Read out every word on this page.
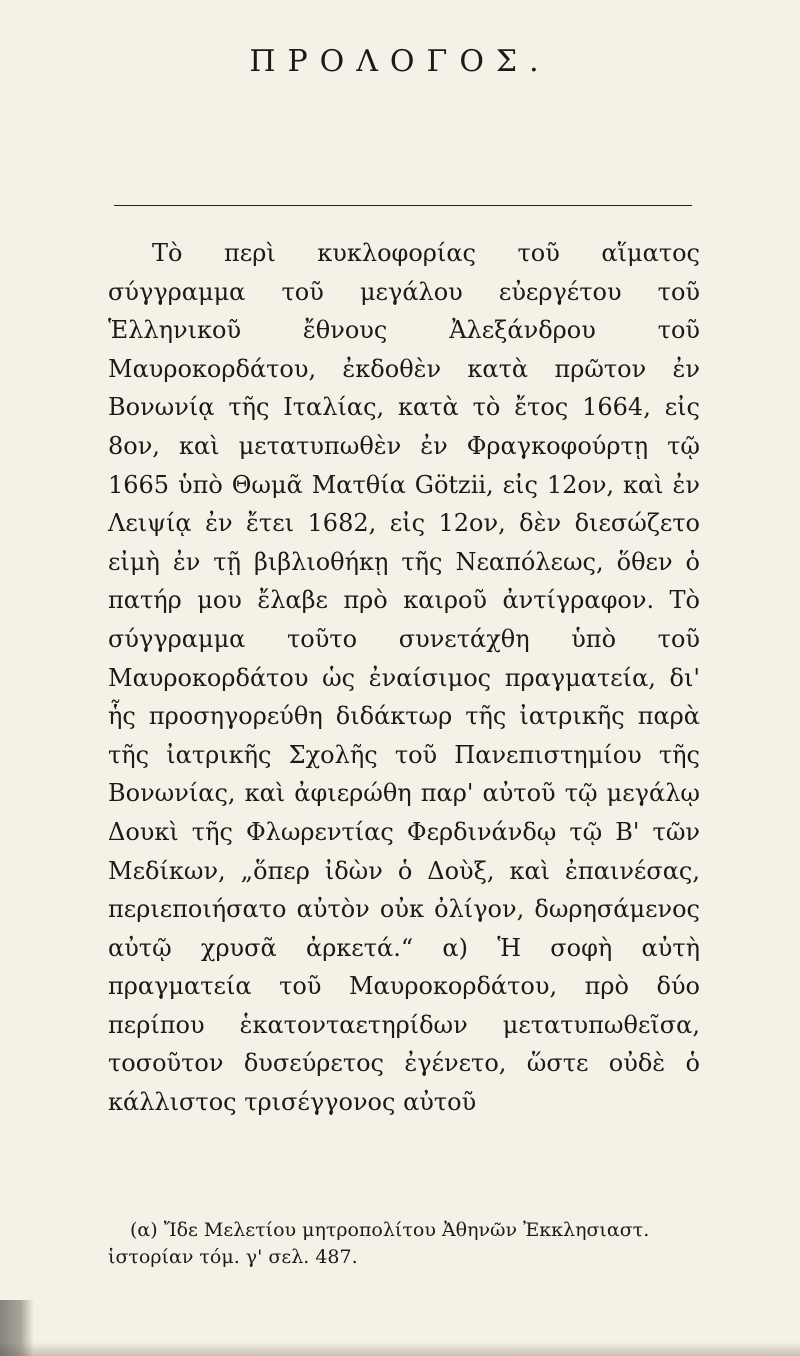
ΠΡΟΛΟΓΟΣ.

Τὸ περὶ κυκλοφορίας τοῦ αἵματος σύγγραμμα τοῦ μεγάλου εὐεργέτου τοῦ Ἑλληνικοῦ ἔθνους Ἀλεξάνδρου τοῦ Μαυροκορδάτου, ἐκδοθὲν κατὰ πρῶτον ἐν Βονωνίᾳ τῆς Ιταλίας, κατὰ τὸ ἔτος 1664, εἰς 8ον, καὶ μετατυπωθὲν ἐν Φραγκοφούρτῃ τῷ 1665 ὑπὸ Θωμᾶ Ματθία Götzii, εἰς 12ον, καὶ ἐν Λειψίᾳ ἐν ἔτει 1682, εἰς 12ον, δὲν διεσώζετο εἰμὴ ἐν τῇ βιβλιοθήκῃ τῆς Νεαπόλεως, ὅθεν ὁ πατήρ μου ἔλαβε πρὸ καιροῦ ἀντίγραφον. Τὸ σύγγραμμα τοῦτο συνετάχθη ὑπὸ τοῦ Μαυροκορδάτου ὡς ἐναίσιμος πραγματεία, δι' ἧς προσηγορεύθη διδάκτωρ τῆς ἰατρικῆς παρὰ τῆς ἰατρικῆς Σχολῆς τοῦ Πανεπιστημίου τῆς Βονωνίας, καὶ ἀφιερώθη παρ' αὐτοῦ τῷ μεγάλῳ Δουκὶ τῆς Φλωρεντίας Φερδινάνδῳ τῷ Β' τῶν Μεδίκων, „ὅπερ ἰδὼν ὁ Δοὺξ, καὶ ἐπαινέσας, περιεποιήσατο αὐτὸν οὐκ ὀλίγον, δωρησάμενος αὐτῷ χρυσᾶ ἀρκετά.“ α) Ἡ σοφὴ αὐτὴ πραγματεία τοῦ Μαυροκορδάτου, πρὸ δύο περίπου ἑκατονταετηρίδων μετατυπωθεῖσα, τοσοῦτον δυσεύρετος ἐγένετο, ὥστε οὐδὲ ὁ κάλλιστος τρισέγγονος αὐτοῦ

(α) Ἴδε Μελετίου μητροπολίτου Ἀθηνῶν Ἐκκλησιαστ. ἱστορίαν τόμ. γ' σελ. 487.
